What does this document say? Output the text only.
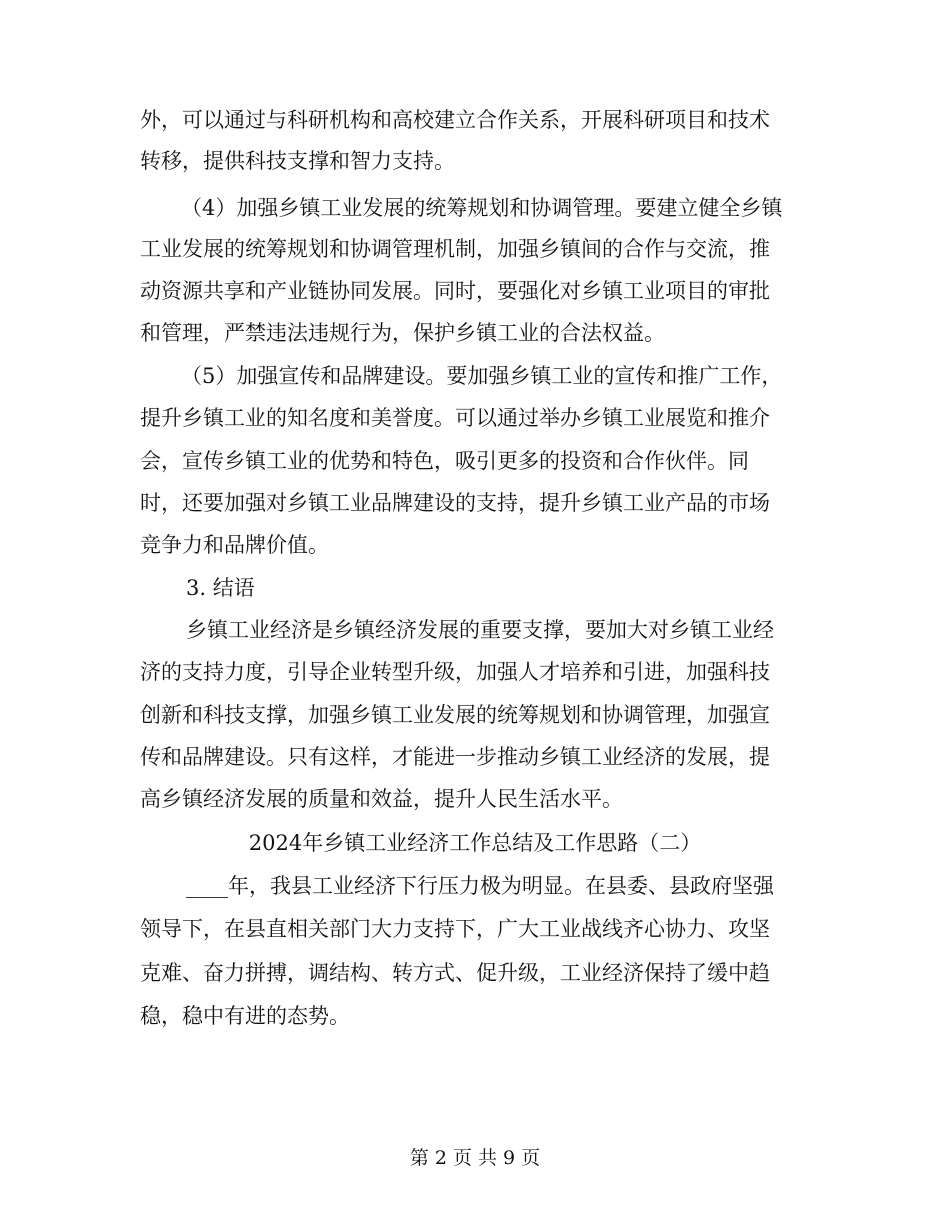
外，可以通过与科研机构和高校建立合作关系，开展科研项目和技术
转移，提供科技支撑和智力支持。
（4）加强乡镇工业发展的统筹规划和协调管理。要建立健全乡镇
工业发展的统筹规划和协调管理机制，加强乡镇间的合作与交流，推
动资源共享和产业链协同发展。同时，要强化对乡镇工业项目的审批
和管理，严禁违法违规行为，保护乡镇工业的合法权益。
（5）加强宣传和品牌建设。要加强乡镇工业的宣传和推广工作，
提升乡镇工业的知名度和美誉度。可以通过举办乡镇工业展览和推介
会，宣传乡镇工业的优势和特色，吸引更多的投资和合作伙伴。同
时，还要加强对乡镇工业品牌建设的支持，提升乡镇工业产品的市场
竞争力和品牌价值。
3. 结语
乡镇工业经济是乡镇经济发展的重要支撑，要加大对乡镇工业经
济的支持力度，引导企业转型升级，加强人才培养和引进，加强科技
创新和科技支撑，加强乡镇工业发展的统筹规划和协调管理，加强宣
传和品牌建设。只有这样，才能进一步推动乡镇工业经济的发展，提
高乡镇经济发展的质量和效益，提升人民生活水平。
2024年乡镇工业经济工作总结及工作思路（二）
____年，我县工业经济下行压力极为明显。在县委、县政府坚强
领导下，在县直相关部门大力支持下，广大工业战线齐心协力、攻坚
克难、奋力拼搏，调结构、转方式、促升级，工业经济保持了缓中趋
稳，稳中有进的态势。
第 2 页 共 9 页
